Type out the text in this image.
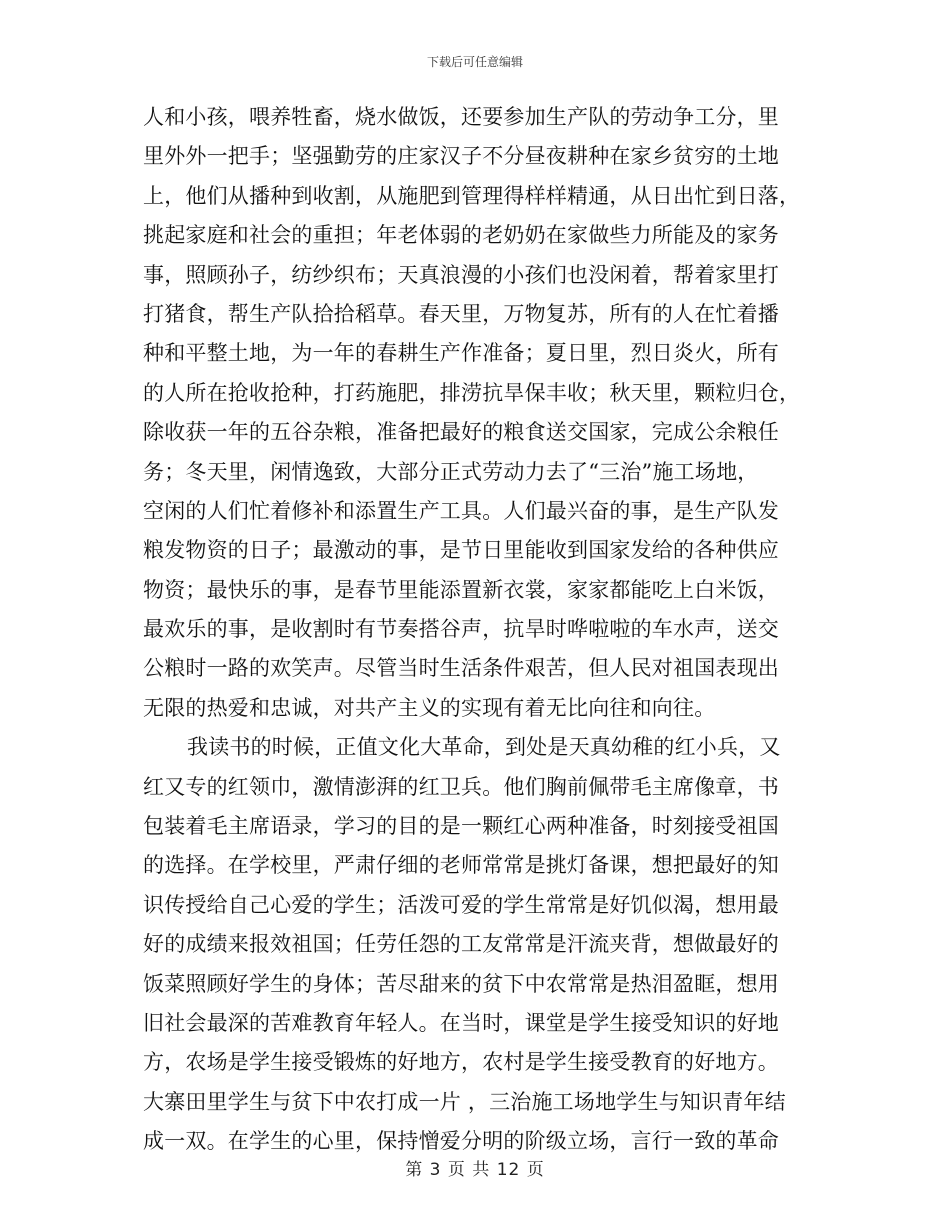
下载后可任意编辑
人和小孩，喂养牲畜，烧水做饭，还要参加生产队的劳动争工分，里
里外外一把手；坚强勤劳的庄家汉子不分昼夜耕种在家乡贫穷的土地
上，他们从播种到收割，从施肥到管理得样样精通，从日出忙到日落，
挑起家庭和社会的重担；年老体弱的老奶奶在家做些力所能及的家务
事，照顾孙子，纺纱织布；天真浪漫的小孩们也没闲着，帮着家里打
打猪食，帮生产队拾拾稻草。春天里，万物复苏，所有的人在忙着播
种和平整土地，为一年的春耕生产作准备；夏日里，烈日炎火，所有
的人所在抢收抢种，打药施肥，排涝抗旱保丰收；秋天里，颗粒归仓，
除收获一年的五谷杂粮，准备把最好的粮食送交国家，完成公余粮任
务；冬天里，闲情逸致，大部分正式劳动力去了“三治”施工场地，
空闲的人们忙着修补和添置生产工具。人们最兴奋的事，是生产队发
粮发物资的日子；最激动的事，是节日里能收到国家发给的各种供应
物资；最快乐的事，是春节里能添置新衣裳，家家都能吃上白米饭，
最欢乐的事，是收割时有节奏搭谷声，抗旱时哗啦啦的车水声，送交
公粮时一路的欢笑声。尽管当时生活条件艰苦，但人民对祖国表现出
无限的热爱和忠诚，对共产主义的实现有着无比向往和向往。
我读书的时候，正值文化大革命，到处是天真幼稚的红小兵，又
红又专的红领巾，激情澎湃的红卫兵。他们胸前佩带毛主席像章，书
包装着毛主席语录，学习的目的是一颗红心两种准备，时刻接受祖国
的选择。在学校里，严肃仔细的老师常常是挑灯备课，想把最好的知
识传授给自己心爱的学生；活泼可爱的学生常常是好饥似渴，想用最
好的成绩来报效祖国；任劳任怨的工友常常是汗流夹背，想做最好的
饭菜照顾好学生的身体；苦尽甜来的贫下中农常常是热泪盈眶，想用
旧社会最深的苦难教育年轻人。在当时，课堂是学生接受知识的好地
方，农场是学生接受锻炼的好地方，农村是学生接受教育的好地方。
大寨田里学生与贫下中农打成一片 ，三治施工场地学生与知识青年结
成一双。在学生的心里，保持憎爱分明的阶级立场，言行一致的革命
第 3 页 共 12 页
